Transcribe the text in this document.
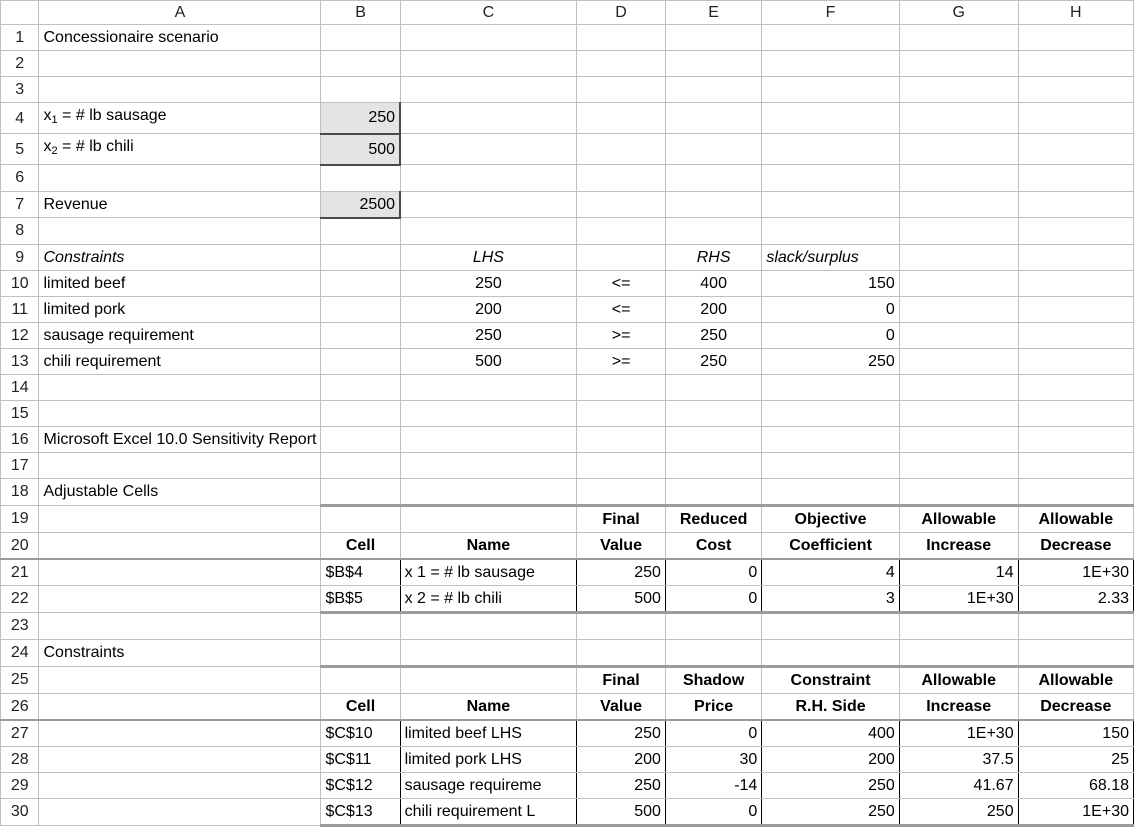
	A	B	C	D	E	F	G	H
1	Concessionaire scenario							
2								
3								
4	$x_1$ = # lb sausage	250						
5	$x_2$ = # lb chili	500						
6								
7	Revenue	2500						
8								
9	Constraints		LHS		RHS	slack/surplus		
10	limited beef		250	<=	400	150		
11	limited pork		200	<=	200	0		
12	sausage requirement		250	>=	250	0		
13	chili requirement		500	>=	250	250		
14								
15								
16	Microsoft Excel 10.0 Sensitivity Report							
17								
18	Adjustable Cells							
19				Final	Reduced	Objective	Allowable	Allowable
20		Cell	Name	Value	Cost	Coefficient	Increase	Decrease
21		$B$4	x 1 = # lb sausage	250	0	4	14	1E+30
22		$B$5	x 2 = # lb chili	500	0	3	1E+30	2.33
23								
24	Constraints							
25				Final	Shadow	Constraint	Allowable	Allowable
26		Cell	Name	Value	Price	R.H. Side	Increase	Decrease
27		$C$10	limited beef LHS	250	0	400	1E+30	150
28		$C$11	limited pork LHS	200	30	200	37.5	25
29		$C$12	sausage requireme	250	-14	250	41.67	68.18
30		$C$13	chili requirement L	500	0	250	250	1E+30
